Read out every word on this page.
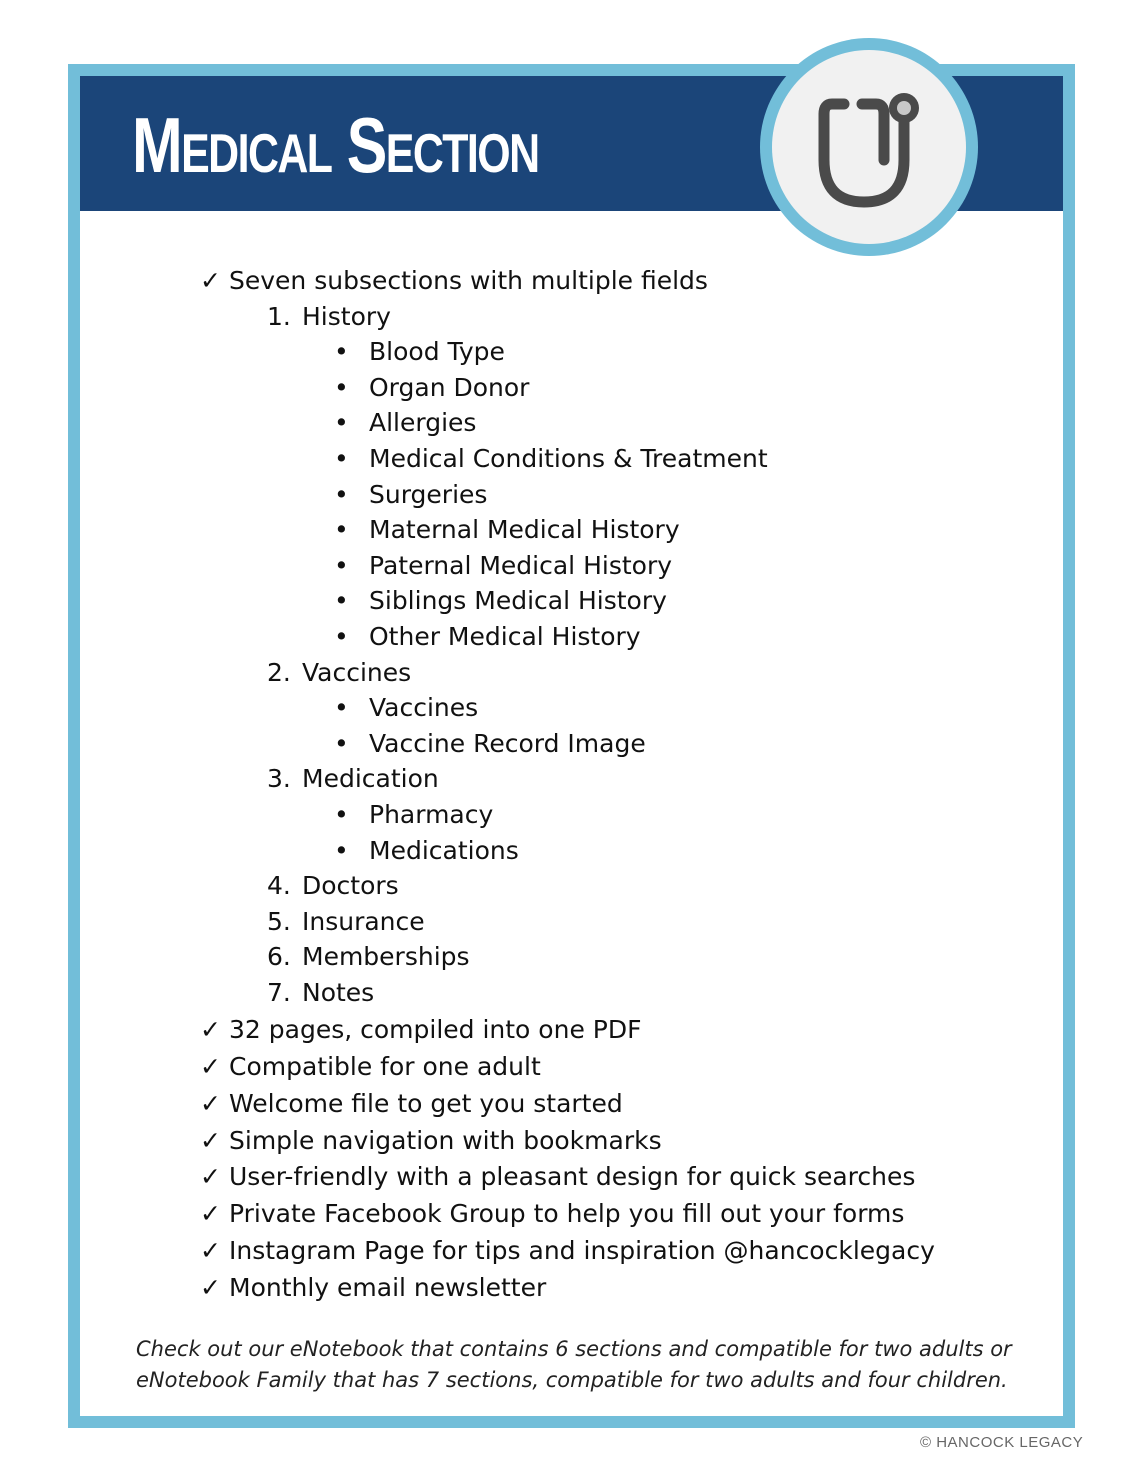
Medical Section
✓ Seven subsections with multiple fields
1. History
• Blood Type
• Organ Donor
• Allergies
• Medical Conditions & Treatment
• Surgeries
• Maternal Medical History
• Paternal Medical History
• Siblings Medical History
• Other Medical History
2. Vaccines
• Vaccines
• Vaccine Record Image
3. Medication
• Pharmacy
• Medications
4. Doctors
5. Insurance
6. Memberships
7. Notes
✓ 32 pages, compiled into one PDF
✓ Compatible for one adult
✓ Welcome file to get you started
✓ Simple navigation with bookmarks
✓ User-friendly with a pleasant design for quick searches
✓ Private Facebook Group to help you fill out your forms
✓ Instagram Page for tips and inspiration @hancocklegacy
✓ Monthly email newsletter
Check out our eNotebook that contains 6 sections and compatible for two adults or
eNotebook Family that has 7 sections, compatible for two adults and four children.
© HANCOCK LEGACY
